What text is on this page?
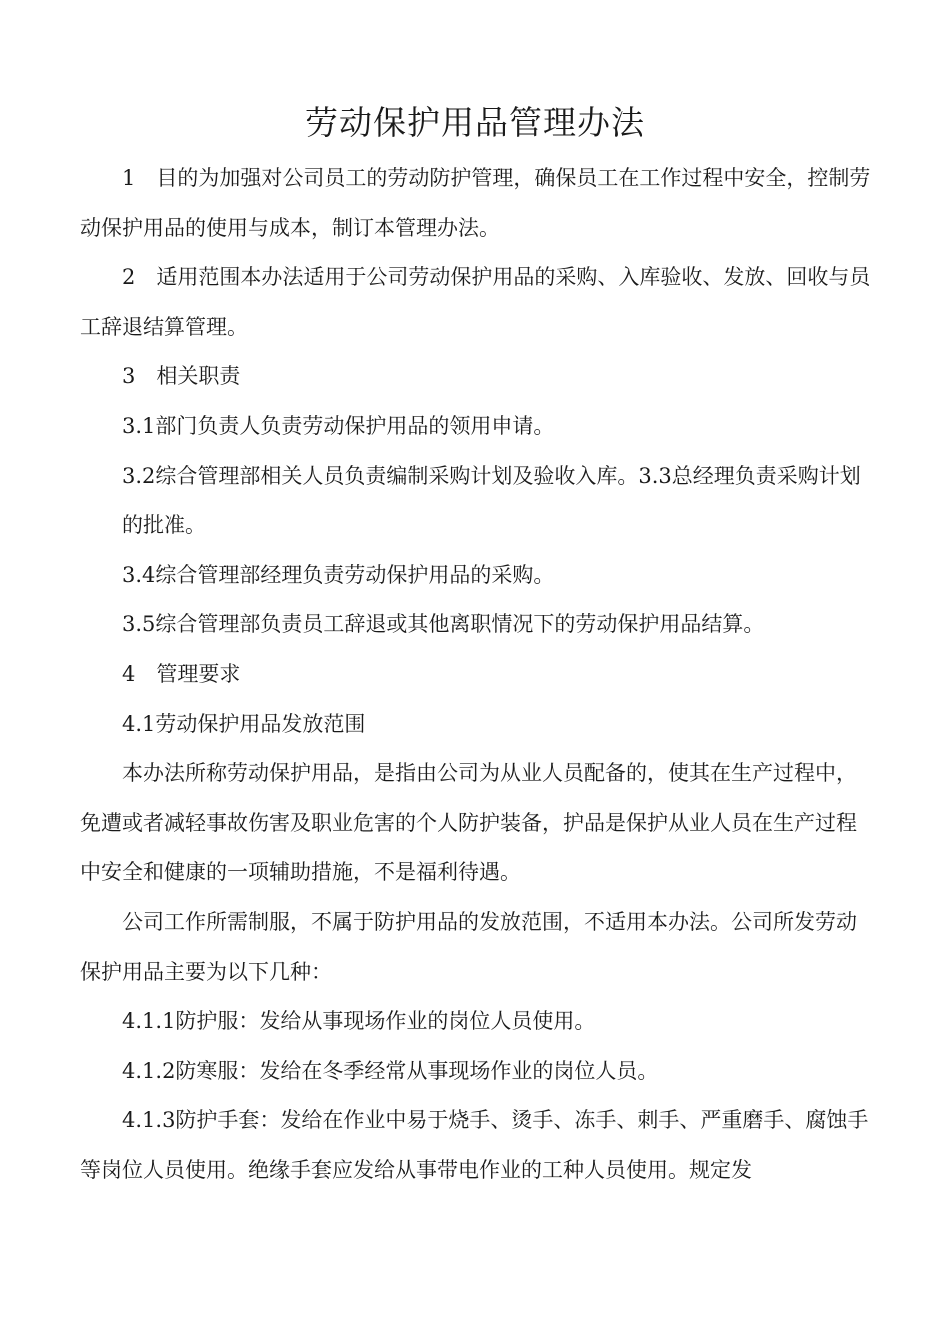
劳动保护用品管理办法

1　目的为加强对公司员工的劳动防护管理，确保员工在工作过程中安全，控制劳动保护用品的使用与成本，制订本管理办法。

2　适用范围本办法适用于公司劳动保护用品的采购、入库验收、发放、回收与员工辞退结算管理。

3　相关职责

3.1部门负责人负责劳动保护用品的领用申请。

3.2综合管理部相关人员负责编制采购计划及验收入库。3.3总经理负责采购计划的批准。

3.4综合管理部经理负责劳动保护用品的采购。

3.5综合管理部负责员工辞退或其他离职情况下的劳动保护用品结算。

4　管理要求

4.1劳动保护用品发放范围

本办法所称劳动保护用品，是指由公司为从业人员配备的，使其在生产过程中，免遭或者减轻事故伤害及职业危害的个人防护装备，护品是保护从业人员在生产过程中安全和健康的一项辅助措施，不是福利待遇。

公司工作所需制服，不属于防护用品的发放范围，不适用本办法。公司所发劳动保护用品主要为以下几种：

4.1.1防护服：发给从事现场作业的岗位人员使用。

4.1.2防寒服：发给在冬季经常从事现场作业的岗位人员。

4.1.3防护手套：发给在作业中易于烧手、烫手、冻手、刺手、严重磨手、腐蚀手等岗位人员使用。绝缘手套应发给从事带电作业的工种人员使用。规定发
